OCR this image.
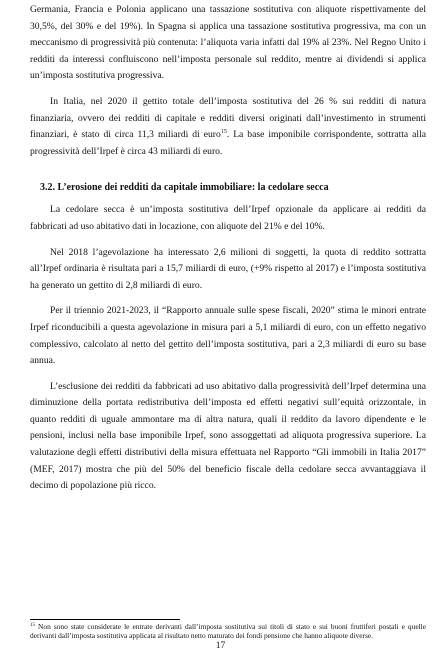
Germania, Francia e Polonia applicano una tassazione sostitutiva con aliquote rispettivamente del 30,5%, del 30% e del 19%). In Spagna si applica una tassazione sostitutiva progressiva, ma con un meccanismo di progressività più contenuta: l’aliquota varia infatti dal 19% al 23%. Nel Regno Unito i redditi da interessi confluiscono nell’imposta personale sul reddito, mentre ai dividendi si applica un’imposta sostitutiva progressiva.

In Italia, nel 2020 il gettito totale dell’imposta sostitutiva del 26 % sui redditi di natura finanziaria, ovvero dei redditi di capitale e redditi diversi originati dall’investimento in strumenti finanziari, è stato di circa 11,3 miliardi di euro$^{15}$. La base imponibile corrispondente, sottratta alla progressività dell’Irpef è circa 43 miliardi di euro.

3.2. L’erosione dei redditi da capitale immobiliare: la cedolare secca

La cedolare secca è un’imposta sostitutiva dell’Irpef opzionale da applicare ai redditi da fabbricati ad uso abitativo dati in locazione, con aliquote del 21% e del 10%.

Nel 2018 l’agevolazione ha interessato 2,6 milioni di soggetti, la quota di reddito sottratta all’Irpef ordinaria è risultata pari a 15,7 miliardi di euro, (+9% rispetto al 2017) e l’imposta sostitutiva ha generato un gettito di 2,8 miliardi di euro.

Per il triennio 2021-2023, il “Rapporto annuale sulle spese fiscali, 2020” stima le minori entrate Irpef riconducibili a questa agevolazione in misura pari a 5,1 miliardi di euro, con un effetto negativo complessivo, calcolato al netto del gettito dell’imposta sostitutiva, pari a 2,3 miliardi di euro su base annua.

L’esclusione dei redditi da fabbricati ad uso abitativo dalla progressività dell’Irpef determina una diminuzione della portata redistributiva dell’imposta ed effetti negativi sull’equità orizzontale, in quanto redditi di uguale ammontare ma di altra natura, quali il reddito da lavoro dipendente e le pensioni, inclusi nella base imponibile Irpef, sono assoggettati ad aliquota progressiva superiore. La valutazione degli effetti distributivi della misura effettuata nel Rapporto “Gli immobili in Italia 2017” (MEF, 2017) mostra che più del 50% del beneficio fiscale della cedolare secca avvantaggiava il decimo di popolazione più ricco.

$^{15}$ Non sono state considerate le entrate derivanti dall’imposta sostitutiva sui titoli di stato e sui buoni fruttiferi postali e quelle derivanti dall’imposta sostitutiva applicata al risultato netto maturato dei fondi pensione che hanno aliquote diverse.

17
